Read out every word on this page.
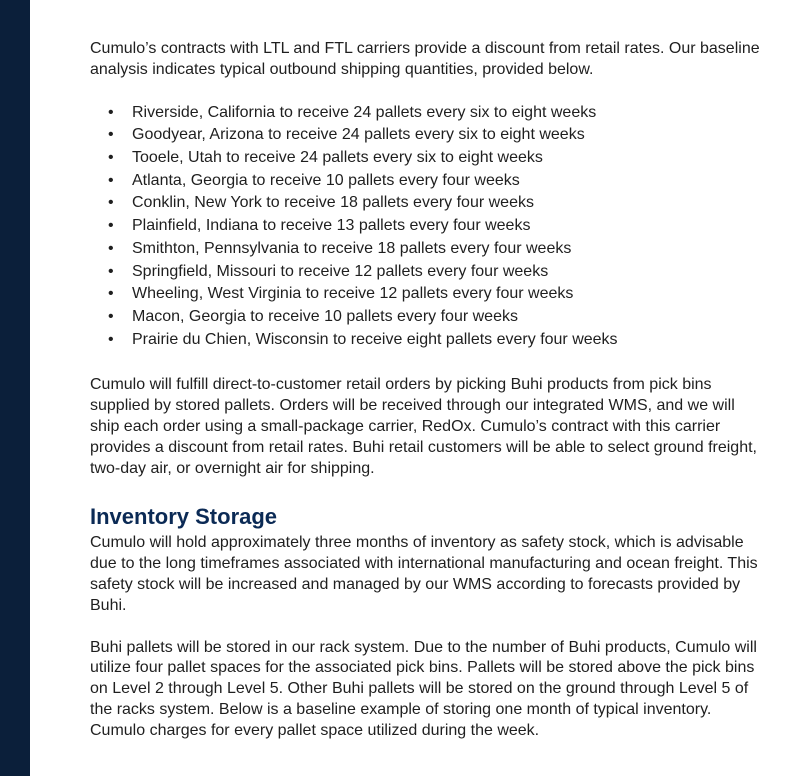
Cumulo’s contracts with LTL and FTL carriers provide a discount from retail rates. Our baseline analysis indicates typical outbound shipping quantities, provided below.

• Riverside, California to receive 24 pallets every six to eight weeks
• Goodyear, Arizona to receive 24 pallets every six to eight weeks
• Tooele, Utah to receive 24 pallets every six to eight weeks
• Atlanta, Georgia to receive 10 pallets every four weeks
• Conklin, New York to receive 18 pallets every four weeks
• Plainfield, Indiana to receive 13 pallets every four weeks
• Smithton, Pennsylvania to receive 18 pallets every four weeks
• Springfield, Missouri to receive 12 pallets every four weeks
• Wheeling, West Virginia to receive 12 pallets every four weeks
• Macon, Georgia to receive 10 pallets every four weeks
• Prairie du Chien, Wisconsin to receive eight pallets every four weeks

Cumulo will fulfill direct-to-customer retail orders by picking Buhi products from pick bins supplied by stored pallets. Orders will be received through our integrated WMS, and we will ship each order using a small-package carrier, RedOx. Cumulo’s contract with this carrier provides a discount from retail rates. Buhi retail customers will be able to select ground freight, two-day air, or overnight air for shipping.

Inventory Storage

Cumulo will hold approximately three months of inventory as safety stock, which is advisable due to the long timeframes associated with international manufacturing and ocean freight. This safety stock will be increased and managed by our WMS according to forecasts provided by Buhi.

Buhi pallets will be stored in our rack system. Due to the number of Buhi products, Cumulo will utilize four pallet spaces for the associated pick bins. Pallets will be stored above the pick bins on Level 2 through Level 5. Other Buhi pallets will be stored on the ground through Level 5 of the racks system. Below is a baseline example of storing one month of typical inventory. Cumulo charges for every pallet space utilized during the week.
